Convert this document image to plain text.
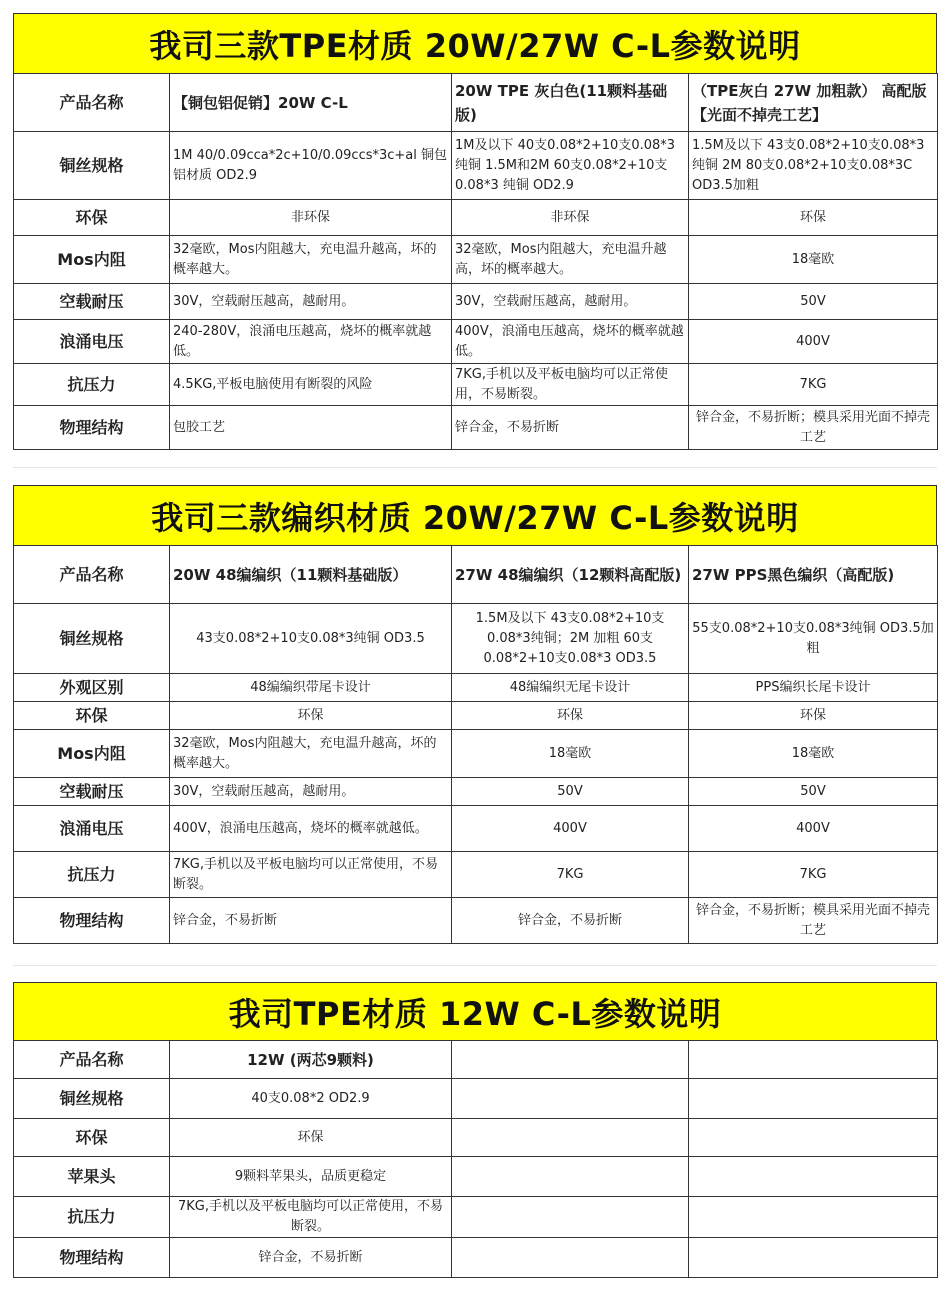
我司三款TPE材质 20W/27W C-L参数说明
产品名称	【铜包铝促销】20W C-L	20W TPE 灰白色(11颗料基础版)	（TPE灰白 27W 加粗款） 高配版 【光面不掉壳工艺】
铜丝规格	1M 40/0.09cca*2c+10/0.09ccs*3c+al 铜包铝材质 OD2.9	1M及以下 40支0.08*2+10支0.08*3 纯铜 1.5M和2M 60支0.08*2+10支0.08*3 纯铜 OD2.9	1.5M及以下 43支0.08*2+10支0.08*3纯铜 2M 80支0.08*2+10支0.08*3C OD3.5加粗
环保	非环保	非环保	环保
Mos内阻	32毫欧，Mos内阻越大，充电温升越高，坏的概率越大。	32毫欧，Mos内阻越大，充电温升越高，坏的概率越大。	18毫欧
空载耐压	30V，空载耐压越高，越耐用。	30V，空载耐压越高，越耐用。	50V
浪涌电压	240-280V，浪涌电压越高，烧坏的概率就越低。	400V，浪涌电压越高，烧坏的概率就越低。	400V
抗压力	4.5KG,平板电脑使用有断裂的风险	7KG,手机以及平板电脑均可以正常使用，不易断裂。	7KG
物理结构	包胶工艺	锌合金，不易折断	锌合金，不易折断；模具采用光面不掉壳工艺
我司三款编织材质 20W/27W C-L参数说明
产品名称	20W 48编编织（11颗料基础版）	27W 48编编织（12颗料高配版)	27W PPS黑色编织（高配版)
铜丝规格	43支0.08*2+10支0.08*3纯铜 OD3.5	1.5M及以下 43支0.08*2+10支0.08*3纯铜；2M 加粗 60支0.08*2+10支0.08*3 OD3.5	55支0.08*2+10支0.08*3纯铜 OD3.5加粗
外观区别	48编编织带尾卡设计	48编编织无尾卡设计	PPS编织长尾卡设计
环保	环保	环保	环保
Mos内阻	32毫欧，Mos内阻越大，充电温升越高，坏的概率越大。	18毫欧	18毫欧
空载耐压	30V，空载耐压越高，越耐用。	50V	50V
浪涌电压	400V，浪涌电压越高，烧坏的概率就越低。	400V	400V
抗压力	7KG,手机以及平板电脑均可以正常使用，不易断裂。	7KG	7KG
物理结构	锌合金，不易折断	锌合金，不易折断	锌合金，不易折断；模具采用光面不掉壳工艺
我司TPE材质 12W C-L参数说明
产品名称	12W (两芯9颗料)		
铜丝规格	40支0.08*2 OD2.9		
环保	环保		
苹果头	9颗料苹果头，品质更稳定		
抗压力	7KG,手机以及平板电脑均可以正常使用，不易断裂。		
物理结构	锌合金，不易折断		
